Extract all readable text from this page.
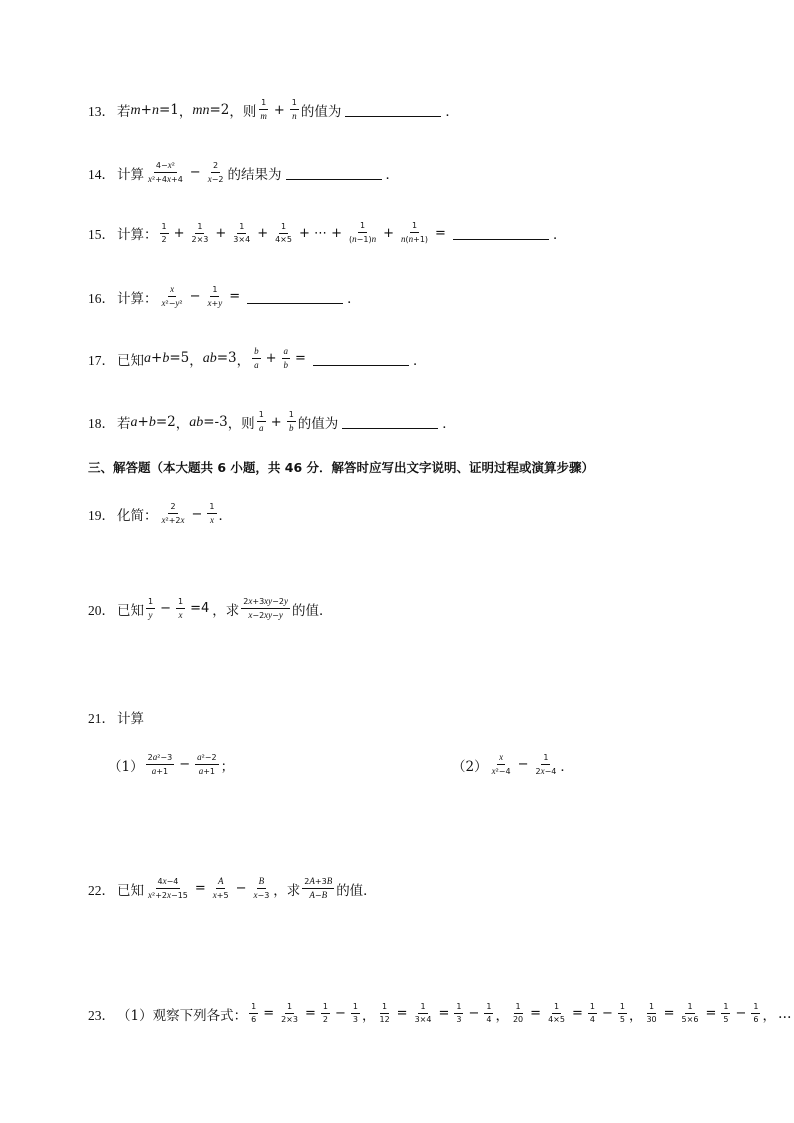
13． 若 m+n=1 ， mn=2 ，则 $\frac{1}{m} + \frac{1}{n}$ 的值为	．
14． 计算 $\frac{\text{4−x²}}{\text{x²+4x+4}} - \frac{2}{x-2}$ 的结果为	．
15． 计算： $\frac{1}{2} + \frac{1}{2\times 3} + \frac{1}{3\times 4} + \frac{1}{4\times 5}$ + ⋯ + $\frac{1}{(n-1)n} + \frac{1}{n(n+1)}$ =	．
16． 计算： $\frac{x}{\text{x²−y²}} - \frac{1}{x+y}$ =	．
17． 已知 a+b=5 ， ab=3 ， $\frac{b}{a} + \frac{a}{b}$ =	．
18． 若 a+b=2 ， ab=-3 ，则 $\frac{1}{a} + \frac{1}{b}$ 的值为	．
三、解答题（本大题共 6 小题，共 46 分．解答时应写出文字说明、证明过程或演算步骤）
19． 化简： $\frac{2}{\text{x²+2x}} - \frac{1}{x}$ ．
20． 已知 $\frac{1}{y} - \frac{1}{x} =4$ ，求 $\frac{2x+3xy-2y}{x-2xy-y}$ 的值．
21． 计算
$(1) \frac{\text{2a²−3}}{a+1} - \frac{\text{a²−2}}{a+1}$ ；	$(2) \frac{x}{\text{x²−4}} - \frac{1}{2x-4}$ ．
22． 已知 $\frac{4x-4}{\text{x²+2x−15}} = \frac{A}{x+5} - \frac{B}{x-3}$ ，求 $\frac{2A+3B}{A-B}$ 的值．
23． （1）观察下列各式： $\frac{1}{6} = \frac{1}{2\times 3} = \frac{1}{2} - \frac{1}{3}$ ， $\frac{1}{12} = \frac{1}{3\times 4} = \frac{1}{3} - \frac{1}{4}$ ， $\frac{1}{20} = \frac{1}{4\times 5} = \frac{1}{4} - \frac{1}{5}$ ， $\frac{1}{30} = \frac{1}{5\times 6} = \frac{1}{5} - \frac{1}{6}$ ， …
